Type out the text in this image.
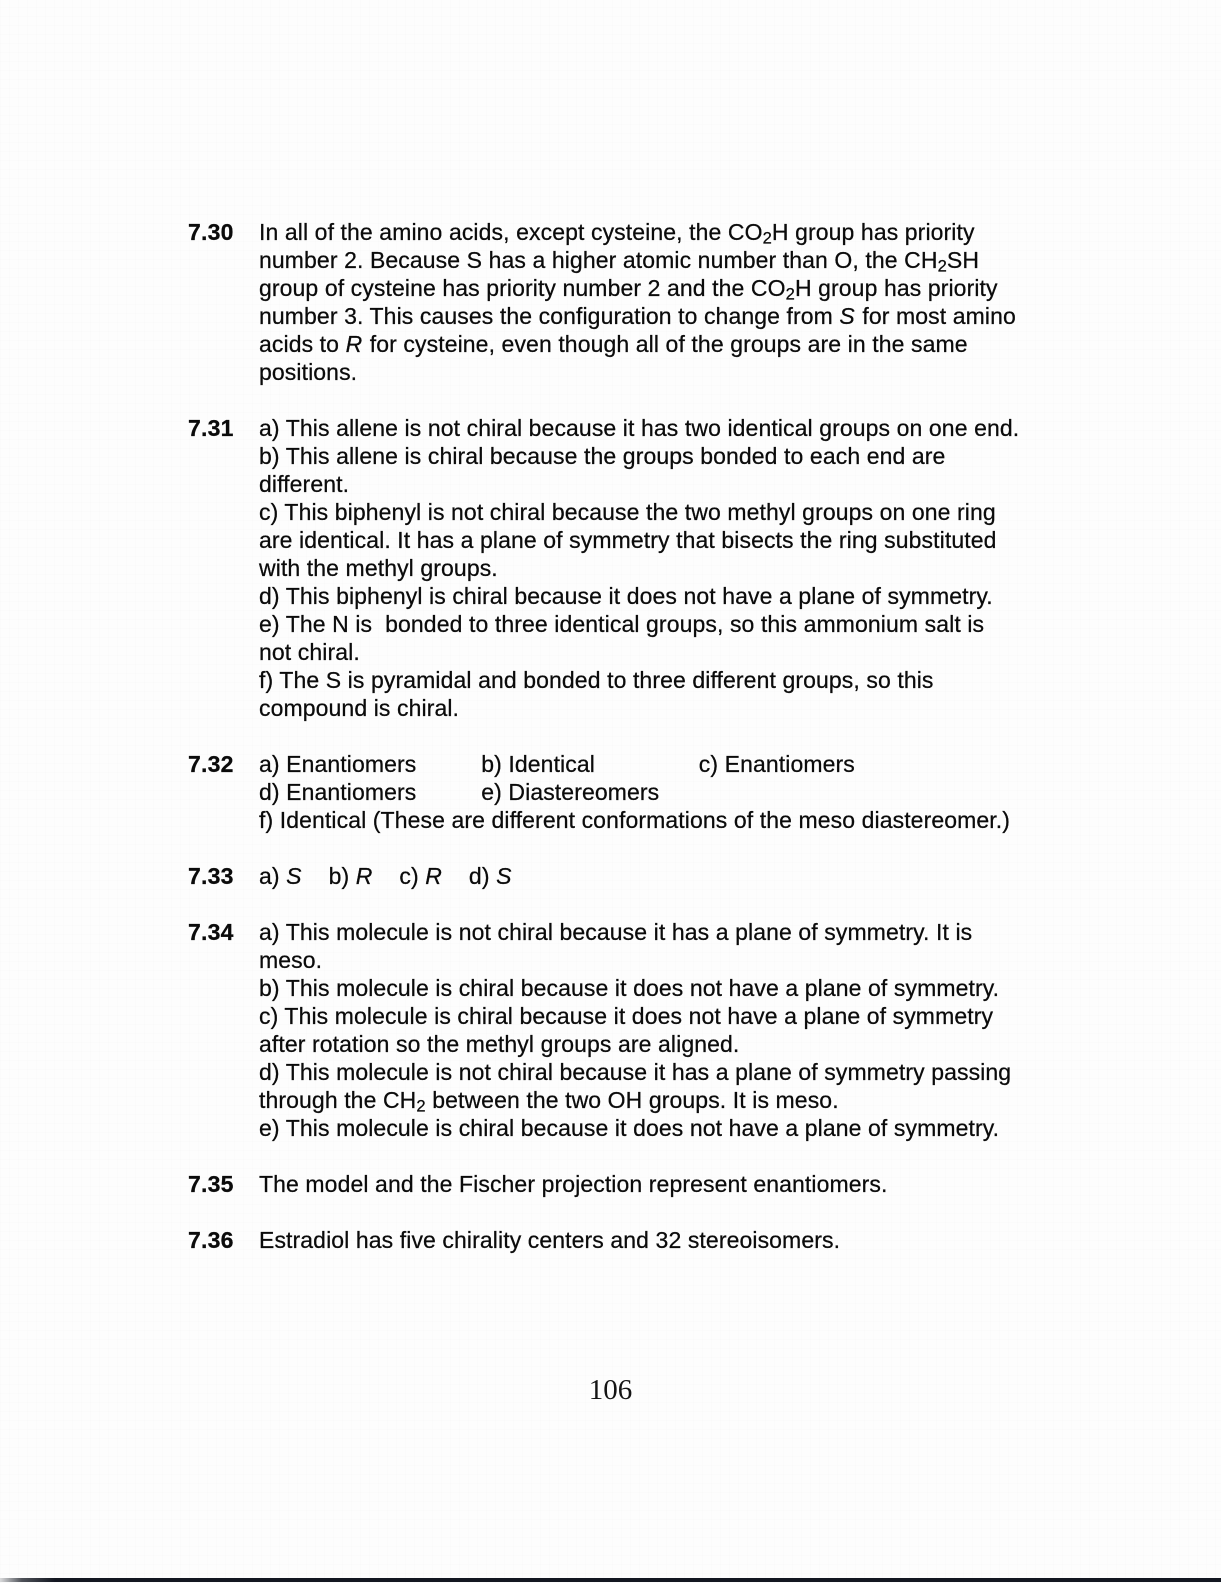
7.30	In all of the amino acids, except cysteine, the $CO_2H$ group has priority
number 2. Because S has a higher atomic number than O, the $CH_2SH$
group of cysteine has priority number 2 and the $CO_2H$ group has priority
number 3. This causes the configuration to change from S for most amino
acids to R for cysteine, even though all of the groups are in the same
positions.
7.31	a) This allene is not chiral because it has two identical groups on one end.
b) This allene is chiral because the groups bonded to each end are
different.
c) This biphenyl is not chiral because the two methyl groups on one ring
are identical. It has a plane of symmetry that bisects the ring substituted
with the methyl groups.
d) This biphenyl is chiral because it does not have a plane of symmetry.
e) The N is  bonded to three identical groups, so this ammonium salt is
not chiral.
f) The S is pyramidal and bonded to three different groups, so this
compound is chiral.
7.32	a) Enantiomers          b) Identical                c) Enantiomers
d) Enantiomers          e) Diastereomers
f) Identical (These are different conformations of the meso diastereomer.)
7.33	a) S    b) R    c) R    d) S
7.34	a) This molecule is not chiral because it has a plane of symmetry. It is
meso.
b) This molecule is chiral because it does not have a plane of symmetry.
c) This molecule is chiral because it does not have a plane of symmetry
after rotation so the methyl groups are aligned.
d) This molecule is not chiral because it has a plane of symmetry passing
through the $CH_2$ between the two OH groups. It is meso.
e) This molecule is chiral because it does not have a plane of symmetry.
7.35	The model and the Fischer projection represent enantiomers.
7.36	Estradiol has five chirality centers and 32 stereoisomers.
106
